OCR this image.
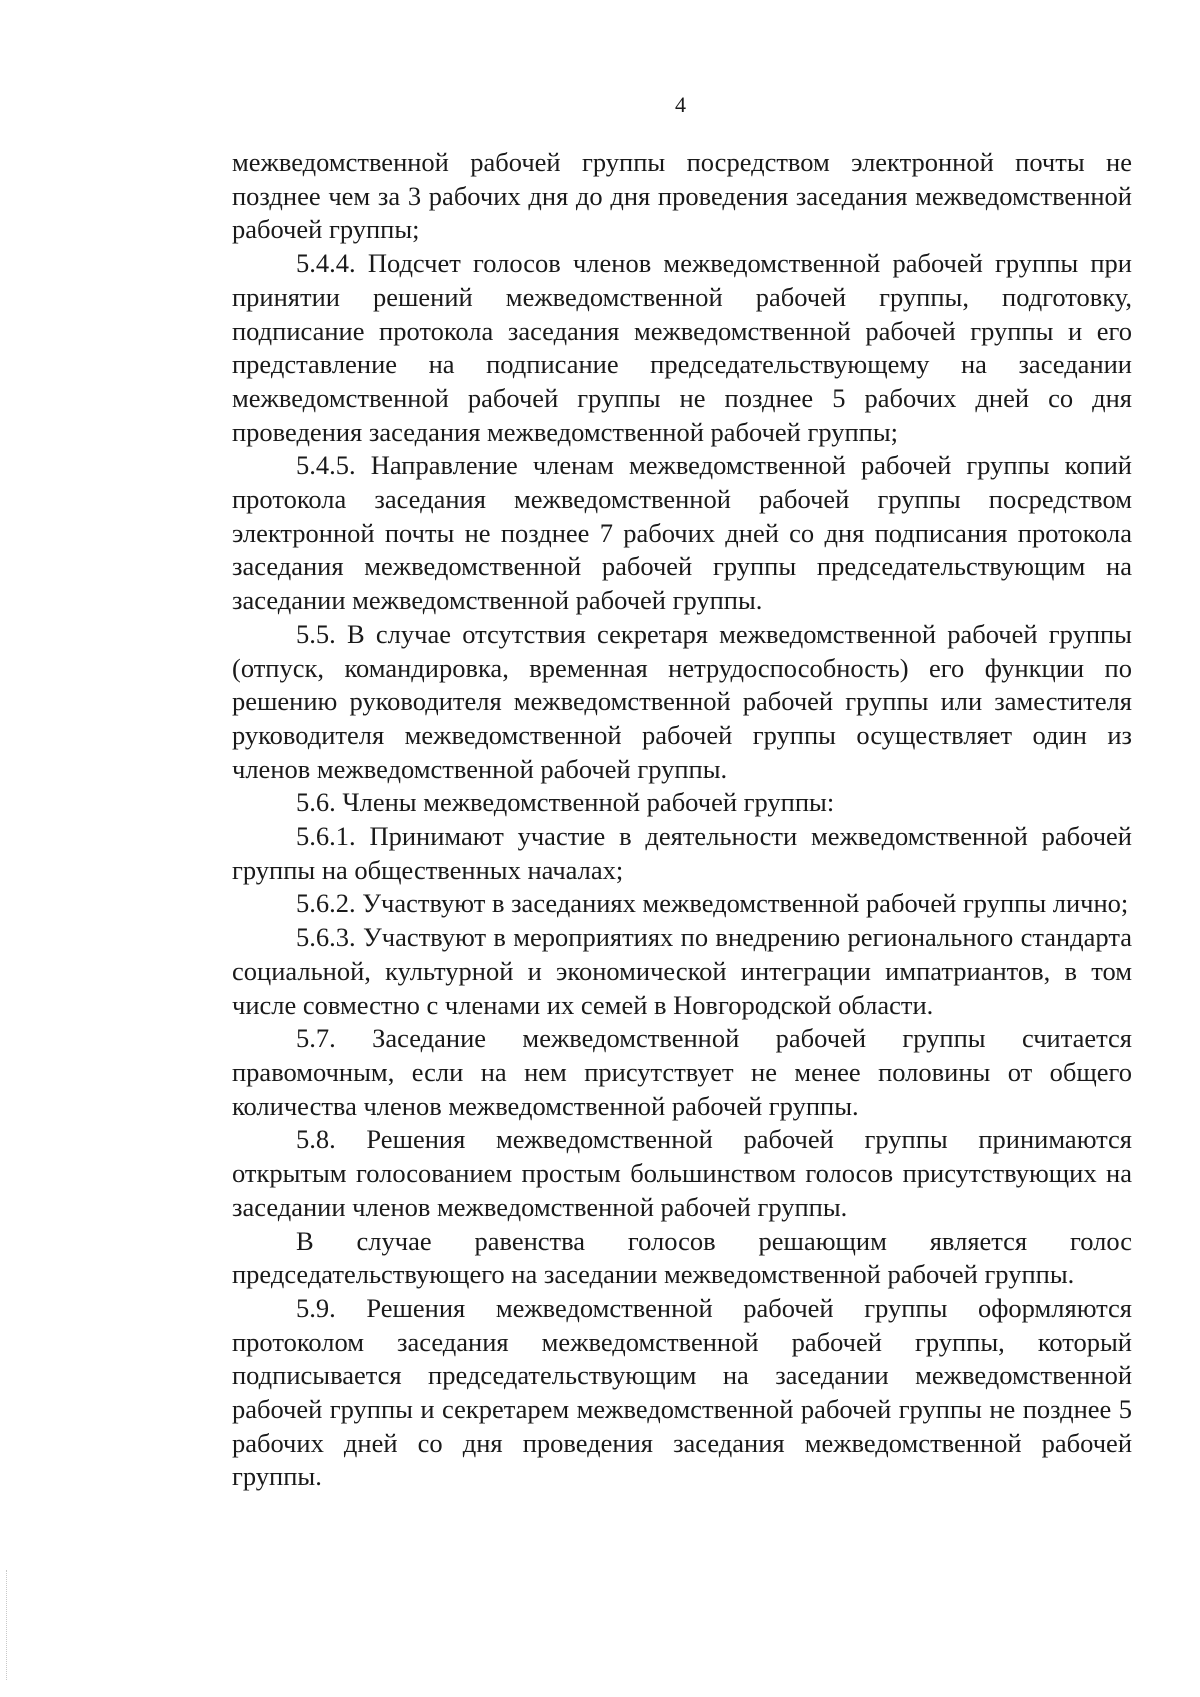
4

межведомственной рабочей группы посредством электронной почты не позднее чем за 3 рабочих дня до дня проведения заседания межведомственной рабочей группы;

5.4.4. Подсчет голосов членов межведомственной рабочей группы при принятии решений межведомственной рабочей группы, подготовку, подписание протокола заседания межведомственной рабочей группы и его представление на подписание председательствующему на заседании межведомственной рабочей группы не позднее 5 рабочих дней со дня проведения заседания межведомственной рабочей группы;

5.4.5. Направление членам межведомственной рабочей группы копий протокола заседания межведомственной рабочей группы посредством электронной почты не позднее 7 рабочих дней со дня подписания протокола заседания межведомственной рабочей группы председательствующим на заседании межведомственной рабочей группы.

5.5. В случае отсутствия секретаря межведомственной рабочей группы (отпуск, командировка, временная нетрудоспособность) его функции по решению руководителя межведомственной рабочей группы или заместителя руководителя межведомственной рабочей группы осуществляет один из членов межведомственной рабочей группы.

5.6. Члены межведомственной рабочей группы:

5.6.1. Принимают участие в деятельности межведомственной рабочей группы на общественных началах;

5.6.2. Участвуют в заседаниях межведомственной рабочей группы лично;

5.6.3. Участвуют в мероприятиях по внедрению регионального стандарта социальной, культурной и экономической интеграции импатриантов, в том числе совместно с членами их семей в Новгородской области.

5.7. Заседание межведомственной рабочей группы считается правомочным, если на нем присутствует не менее половины от общего количества членов межведомственной рабочей группы.

5.8. Решения межведомственной рабочей группы принимаются открытым голосованием простым большинством голосов присутствующих на заседании членов межведомственной рабочей группы.

В случае равенства голосов решающим является голос председательствующего на заседании межведомственной рабочей группы.

5.9. Решения межведомственной рабочей группы оформляются протоколом заседания межведомственной рабочей группы, который подписывается председательствующим на заседании межведомственной рабочей группы и секретарем межведомственной рабочей группы не позднее 5 рабочих дней со дня проведения заседания межведомственной рабочей группы.
